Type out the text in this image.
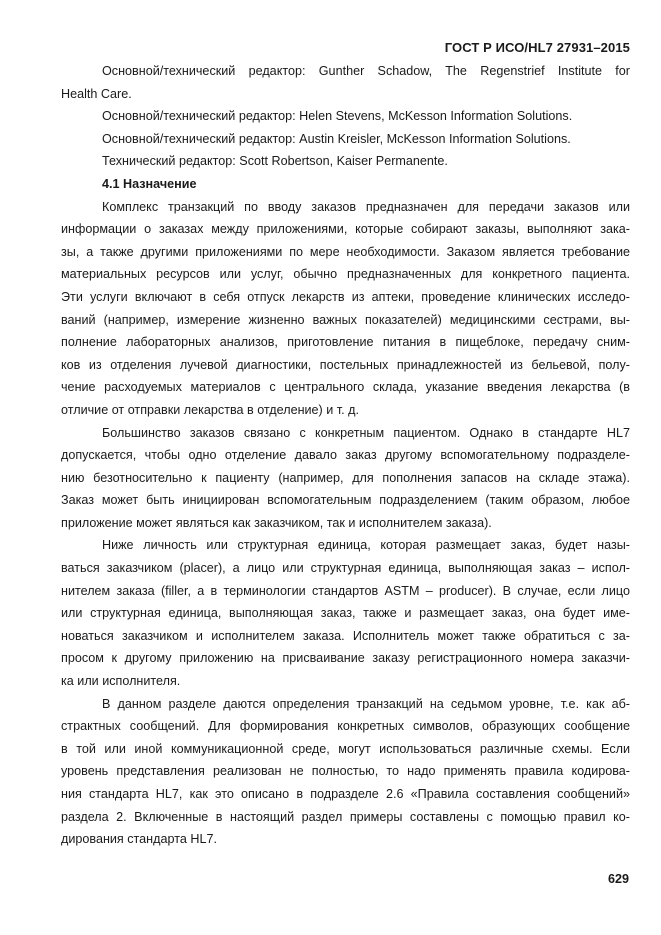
ГОСТ Р ИСО/HL7 27931–2015
Основной/технический редактор: Gunther Schadow, The Regenstrief Institute for
Health Care.
Основной/технический редактор: Helen Stevens, McKesson Information Solutions.
Основной/технический редактор: Austin Kreisler, McKesson Information Solutions.
Технический редактор: Scott Robertson, Kaiser Permanente.
4.1 Назначение
Комплекс транзакций по вводу заказов предназначен для передачи заказов или
информации о заказах между приложениями, которые собирают заказы, выполняют зака-
зы, а также другими приложениями по мере необходимости. Заказом является требование
материальных ресурсов или услуг, обычно предназначенных для конкретного пациента.
Эти услуги включают в себя отпуск лекарств из аптеки, проведение клинических исследо-
ваний (например, измерение жизненно важных показателей) медицинскими сестрами, вы-
полнение лабораторных анализов, приготовление питания в пищеблоке, передачу сним-
ков из отделения лучевой диагностики, постельных принадлежностей из бельевой, полу-
чение расходуемых материалов с центрального склада, указание введения лекарства (в
отличие от отправки лекарства в отделение) и т. д.
Большинство заказов связано с конкретным пациентом. Однако в стандарте HL7
допускается, чтобы одно отделение давало заказ другому вспомогательному подразделе-
нию безотносительно к пациенту (например, для пополнения запасов на складе этажа).
Заказ может быть инициирован вспомогательным подразделением (таким образом, любое
приложение может являться как заказчиком, так и исполнителем заказа).
Ниже личность или структурная единица, которая размещает заказ, будет назы-
ваться заказчиком (placer), а лицо или структурная единица, выполняющая заказ – испол-
нителем заказа (filler, а в терминологии стандартов ASTM – producer). В случае, если лицо
или структурная единица, выполняющая заказ, также и размещает заказ, она будет име-
новаться заказчиком и исполнителем заказа. Исполнитель может также обратиться с за-
просом к другому приложению на присваивание заказу регистрационного номера заказчи-
ка или исполнителя.
В данном разделе даются определения транзакций на седьмом уровне, т.е. как аб-
страктных сообщений. Для формирования конкретных символов, образующих сообщение
в той или иной коммуникационной среде, могут использоваться различные схемы. Если
уровень представления реализован не полностью, то надо применять правила кодирова-
ния стандарта HL7, как это описано в подразделе 2.6 «Правила составления сообщений»
раздела 2. Включенные в настоящий раздел примеры составлены с помощью правил ко-
дирования стандарта HL7.
629
